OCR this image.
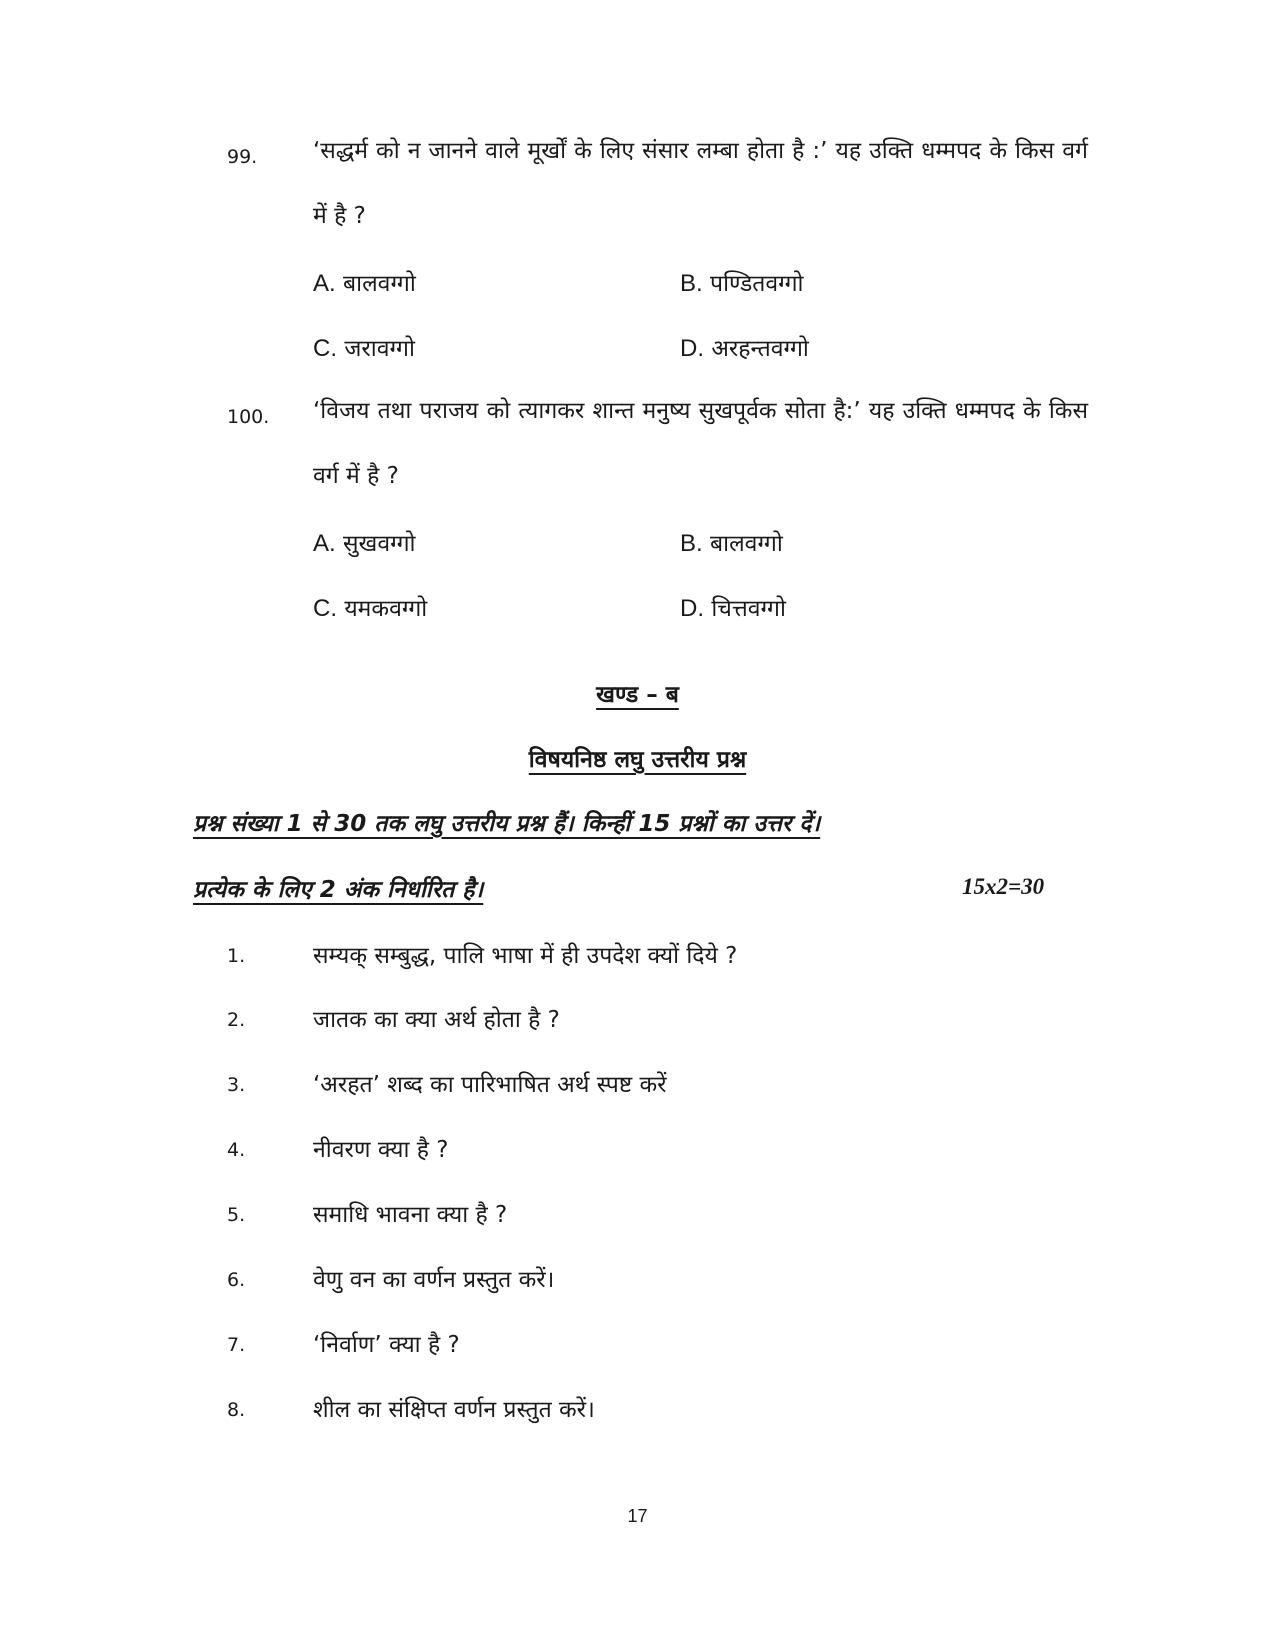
99. ‘सद्धर्म को न जानने वाले मूर्खों के लिए संसार लम्बा होता है :’ यह उक्ति धम्मपद के किस वर्ग में है ?
A. बालवग्गो	B. पण्डितवग्गो
C. जरावग्गो	D. अरहन्तवग्गो
100. ‘विजय तथा पराजय को त्यागकर शान्त मनुष्य सुखपूर्वक सोता है:’ यह उक्ति धम्मपद के किस वर्ग में है ?
A. सुखवग्गो	B. बालवग्गो
C. यमकवग्गो	D. चित्तवग्गो
खण्ड – ब
विषयनिष्ठ लघु उत्तरीय प्रश्न
प्रश्न संख्या 1 से 30 तक लघु उत्तरीय प्रश्न हैं। किन्हीं 15 प्रश्नों का उत्तर दें।
प्रत्येक के लिए 2 अंक निर्धारित है।	15x2=30
1.	सम्यक् सम्बुद्ध, पालि भाषा में ही उपदेश क्यों दिये ?
2.	जातक का क्या अर्थ होता है ?
3.	‘अरहत’ शब्द का पारिभाषित अर्थ स्पष्ट करें
4.	नीवरण क्या है ?
5.	समाधि भावना क्या है ?
6.	वेणु वन का वर्णन प्रस्तुत करें।
7.	‘निर्वाण’ क्या है ?
8.	शील का संक्षिप्त वर्णन प्रस्तुत करें।
17
